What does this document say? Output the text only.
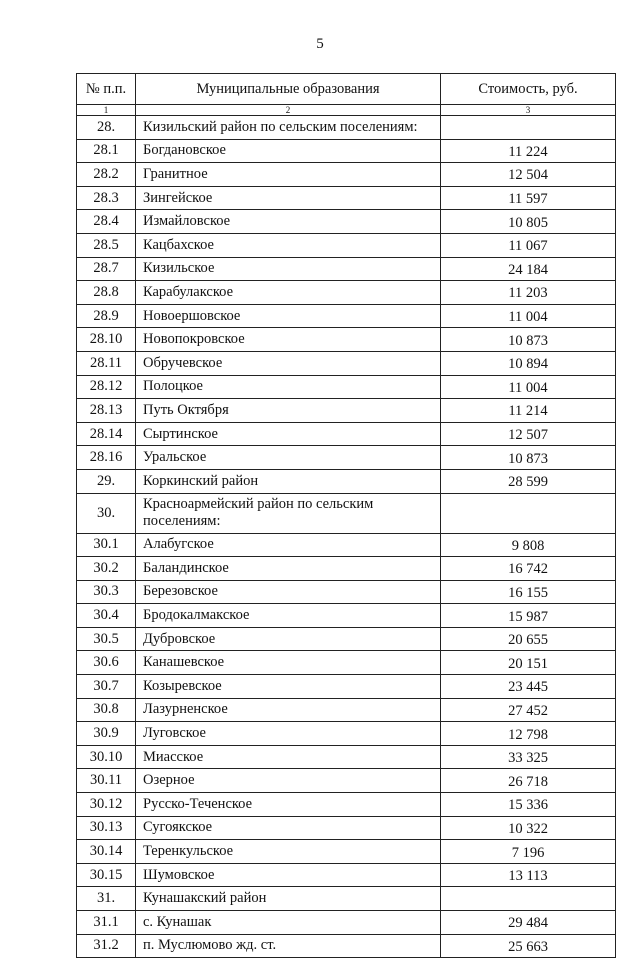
5
№ п.п.	Муниципальные образования	Стоимость, руб.
1	2	3
28.	Кизильский район по сельским поселениям:	
28.1	Богдановское	11 224
28.2	Гранитное	12 504
28.3	Зингейское	11 597
28.4	Измайловское	10 805
28.5	Кацбахское	11 067
28.7	Кизильское	24 184
28.8	Карабулакское	11 203
28.9	Новоершовское	11 004
28.10	Новопокровское	10 873
28.11	Обручевское	10 894
28.12	Полоцкое	11 004
28.13	Путь Октября	11 214
28.14	Сыртинское	12 507
28.16	Уральское	10 873
29.	Коркинский район	28 599
30.	Красноармейский район по сельским поселениям:	
30.1	Алабугское	9 808
30.2	Баландинское	16 742
30.3	Березовское	16 155
30.4	Бродокалмакское	15 987
30.5	Дубровское	20 655
30.6	Канашевское	20 151
30.7	Козыревское	23 445
30.8	Лазурненское	27 452
30.9	Луговское	12 798
30.10	Миасское	33 325
30.11	Озерное	26 718
30.12	Русско-Теченское	15 336
30.13	Сугоякское	10 322
30.14	Теренкульское	7 196
30.15	Шумовское	13 113
31.	Кунашакский район	
31.1	с. Кунашак	29 484
31.2	п. Муслюмово жд. ст.	25 663
